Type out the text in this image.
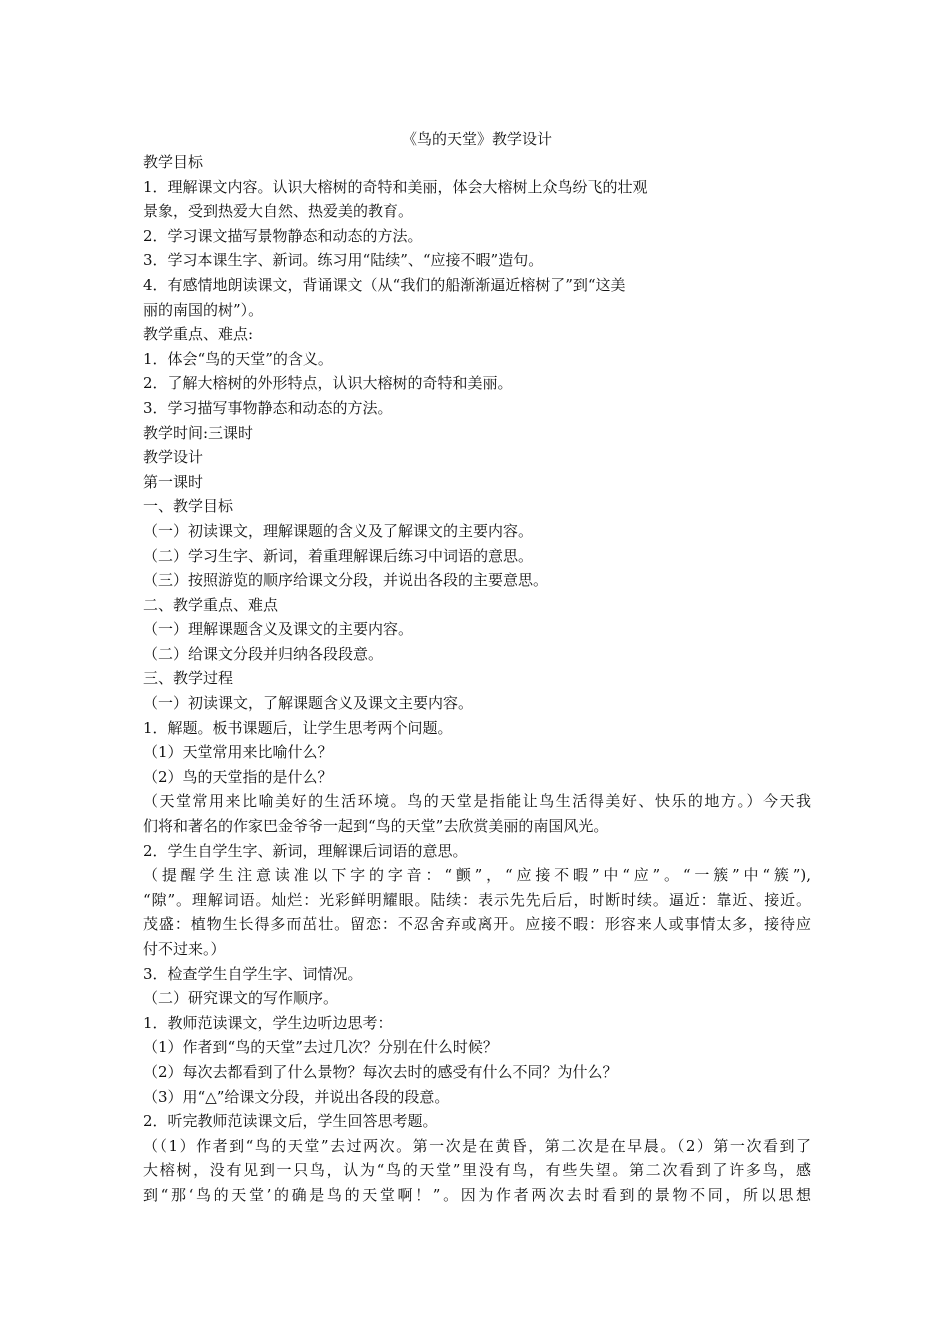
《鸟的天堂》教学设计

教学目标

1．理解课文内容。认识大榕树的奇特和美丽，体会大榕树上众鸟纷飞的壮观

景象，受到热爱大自然、热爱美的教育。

2．学习课文描写景物静态和动态的方法。

3．学习本课生字、新词。练习用“陆续”、“应接不暇”造句。

4．有感情地朗读课文，背诵课文（从“我们的船渐渐逼近榕树了”到“这美

丽的南国的树”）。

教学重点、难点:

1．体会“鸟的天堂”的含义。

2．了解大榕树的外形特点，认识大榕树的奇特和美丽。

3．学习描写事物静态和动态的方法。

教学时间:三课时

教学设计

第一课时

一、教学目标

（一）初读课文，理解课题的含义及了解课文的主要内容。

（二）学习生字、新词，着重理解课后练习中词语的意思。

（三）按照游览的顺序给课文分段，并说出各段的主要意思。

二、教学重点、难点

（一）理解课题含义及课文的主要内容。

（二）给课文分段并归纳各段段意。

三、教学过程

（一）初读课文，了解课题含义及课文主要内容。

1．解题。板书课题后，让学生思考两个问题。

（1）天堂常用来比喻什么？

（2）鸟的天堂指的是什么？

（天堂常用来比喻美好的生活环境。鸟的天堂是指能让鸟生活得美好、快乐的地方。）今天我
们将和著名的作家巴金爷爷一起到“鸟的天堂”去欣赏美丽的南国风光。

2．学生自学生字、新词，理解课后词语的意思。

（提醒学生注意读准以下字的字音：“颤”，“应接不暇”中“应”。“一簇”中“簇”),
“隙”。理解词语。灿烂：光彩鲜明耀眼。陆续：表示先先后后，时断时续。逼近：靠近、接近。
茂盛：植物生长得多而茁壮。留恋：不忍舍弃或离开。应接不暇：形容来人或事情太多，接待应
付不过来。）

3．检查学生自学生字、词情况。

（二）研究课文的写作顺序。

1．教师范读课文，学生边听边思考：

（1）作者到“鸟的天堂”去过几次？分别在什么时候？

（2）每次去都看到了什么景物？每次去时的感受有什么不同？为什么？

（3）用“△”给课文分段，并说出各段的段意。

2．听完教师范读课文后，学生回答思考题。

（（1）作者到“鸟的天堂”去过两次。第一次是在黄昏，第二次是在早晨。（2）第一次看到了
大榕树，没有见到一只鸟，认为“鸟的天堂”里没有鸟，有些失望。第二次看到了许多鸟，感
到“那‘鸟的天堂’的确是鸟的天堂啊！”。因为作者两次去时看到的景物不同，所以思想
